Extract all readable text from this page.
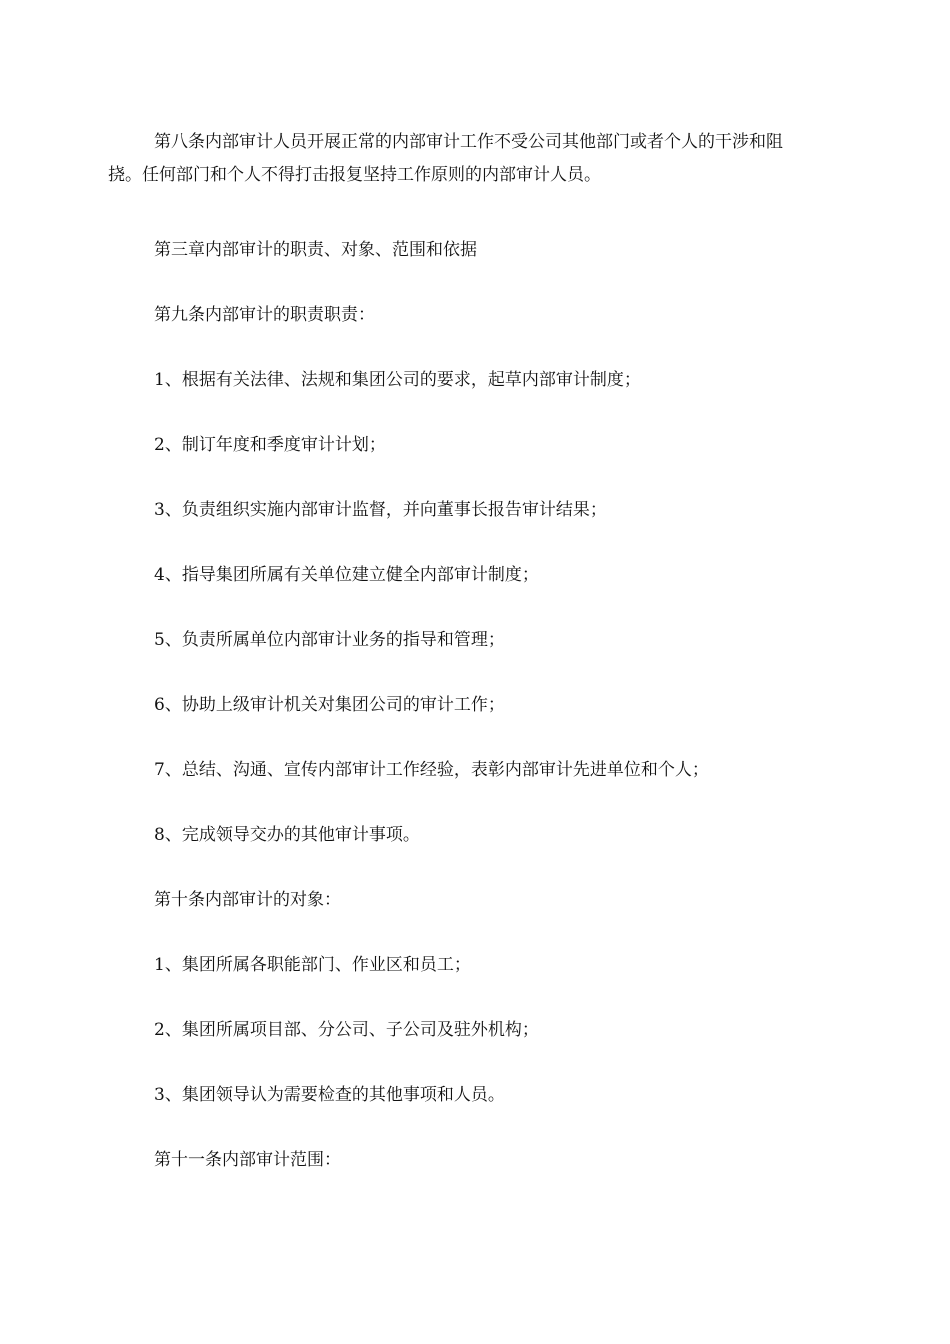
第八条内部审计人员开展正常的内部审计工作不受公司其他部门或者个人的干涉和阻挠。任何部门和个人不得打击报复坚持工作原则的内部审计人员。

第三章内部审计的职责、对象、范围和依据

第九条内部审计的职责职责：

1、根据有关法律、法规和集团公司的要求，起草内部审计制度；

2、制订年度和季度审计计划；

3、负责组织实施内部审计监督，并向董事长报告审计结果；

4、指导集团所属有关单位建立健全内部审计制度；

5、负责所属单位内部审计业务的指导和管理；

6、协助上级审计机关对集团公司的审计工作；

7、总结、沟通、宣传内部审计工作经验，表彰内部审计先进单位和个人；

8、完成领导交办的其他审计事项。

第十条内部审计的对象：

1、集团所属各职能部门、作业区和员工；

2、集团所属项目部、分公司、子公司及驻外机构；

3、集团领导认为需要检查的其他事项和人员。

第十一条内部审计范围：
